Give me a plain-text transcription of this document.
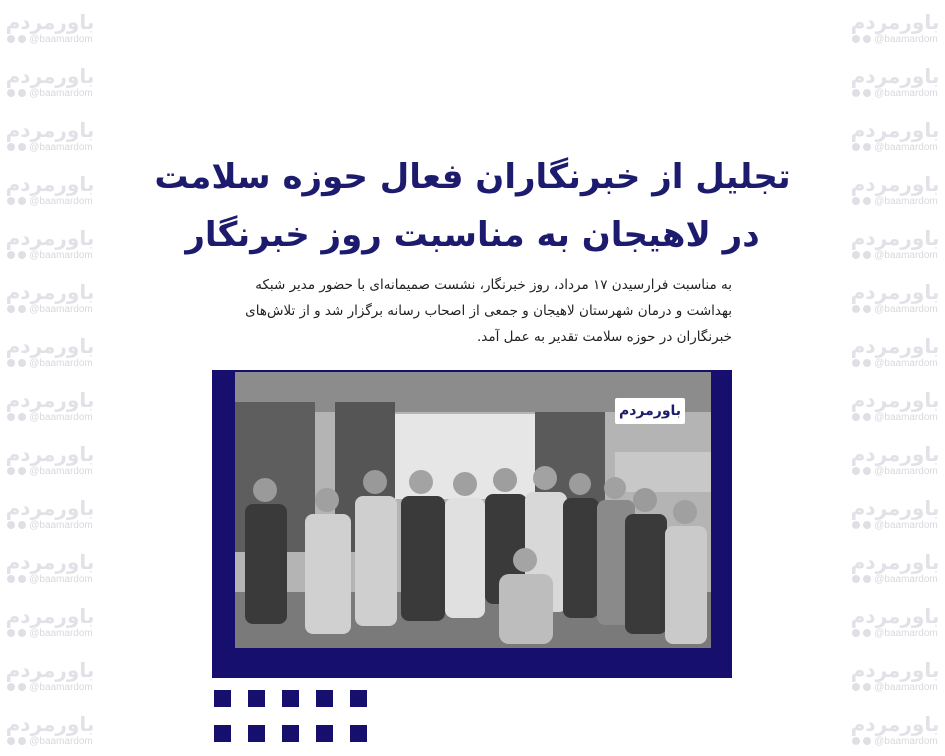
باورمردم
@baamardom
باورمردم
@baamardom
باورمردم
@baamardom
باورمردم
@baamardom
باورمردم
@baamardom
باورمردم
@baamardom
باورمردم
@baamardom
باورمردم
@baamardom
باورمردم
@baamardom
باورمردم
@baamardom
باورمردم
@baamardom
باورمردم
@baamardom
باورمردم
@baamardom
باورمردم
@baamardom
باورمردم
@baamardom
باورمردم
@baamardom
باورمردم
@baamardom
باورمردم
@baamardom
باورمردم
@baamardom
باورمردم
@baamardom
باورمردم
@baamardom
باورمردم
@baamardom
باورمردم
@baamardom
باورمردم
@baamardom
باورمردم
@baamardom
باورمردم
@baamardom
باورمردم
@baamardom
باورمردم
@baamardom
تجلیل از خبرنگاران فعال حوزه سلامت
در لاهیجان به مناسبت روز خبرنگار
به مناسبت فرارسیدن ۱۷ مرداد، روز خبرنگار، نشست صمیمانه‌ای با حضور مدیر شبکه بهداشت و درمان شهرستان لاهیجان و جمعی از اصحاب رسانه برگزار شد و از تلاش‌های خبرنگاران در حوزه سلامت تقدیر به عمل آمد.
باورمردم
